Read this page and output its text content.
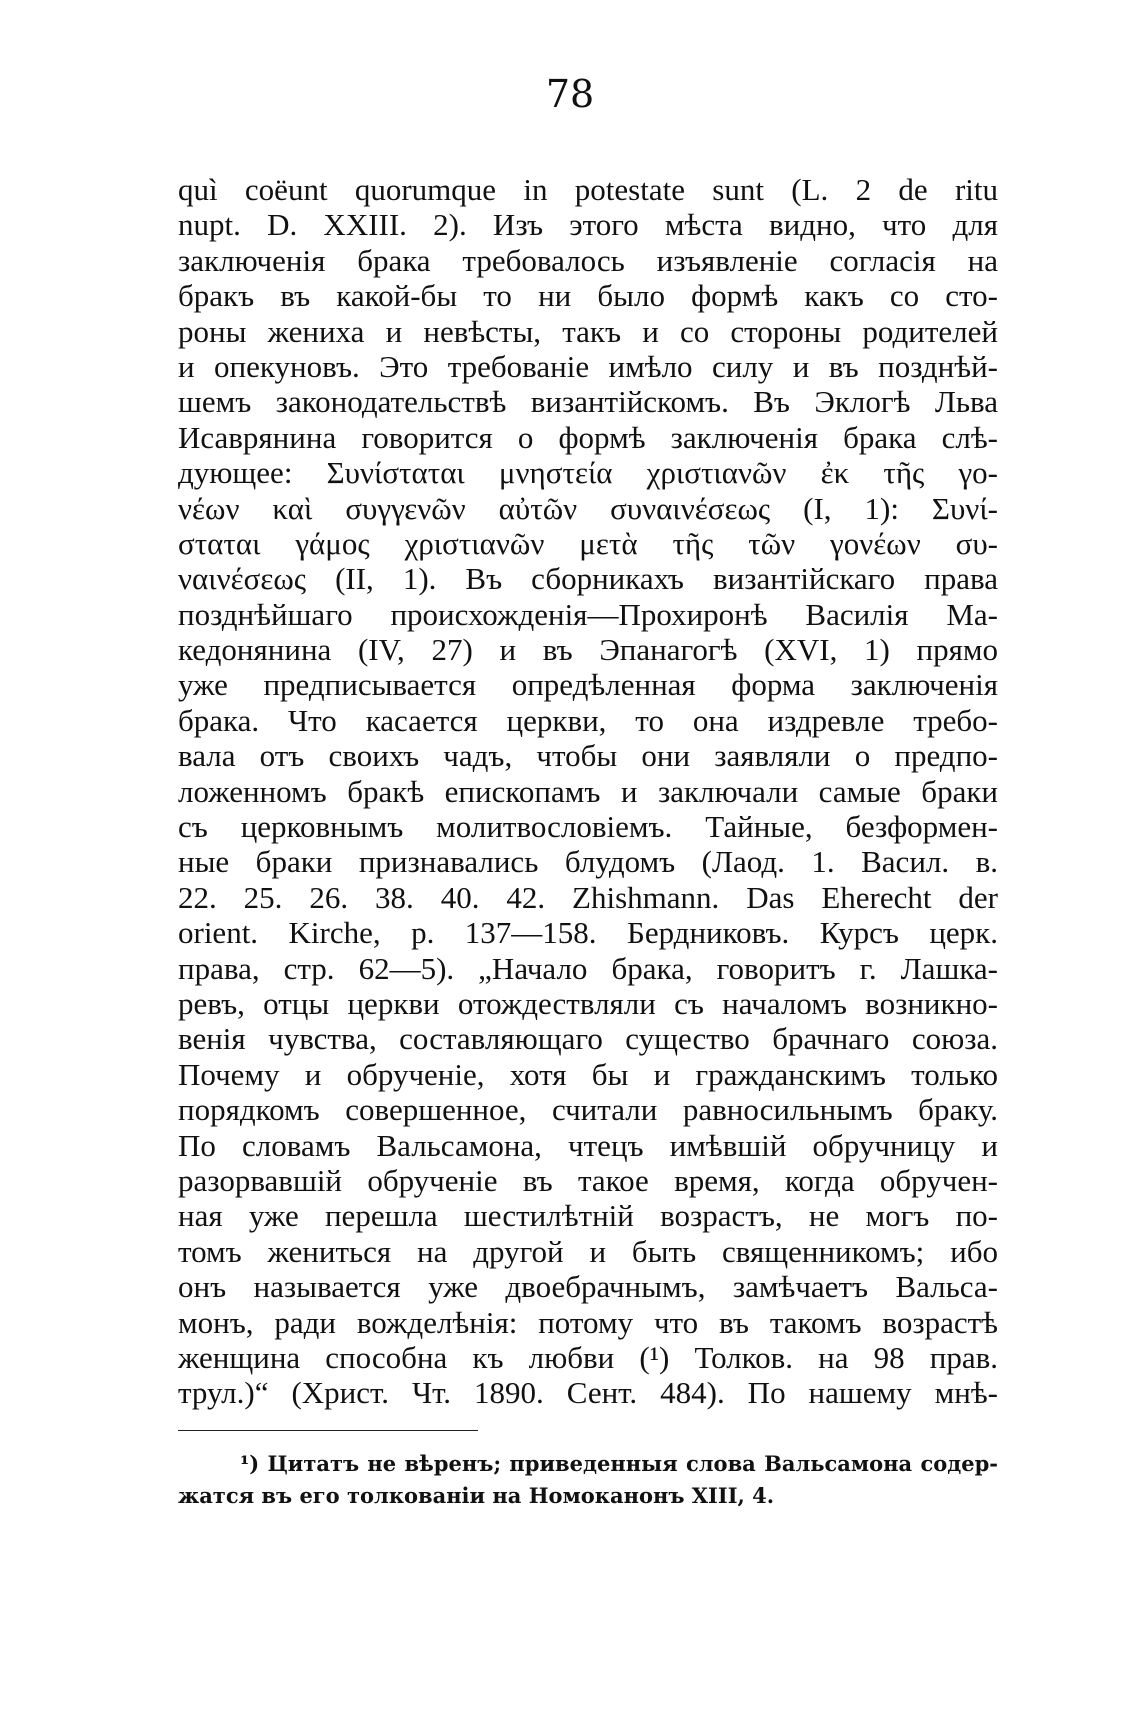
78
quì coëunt quorumque in potestate sunt (L. 2 de ritu
nupt. D. XXIII. 2). Изъ этого мѣста видно, что для
заключенія брака требовалось изъявленіе согласія на
бракъ въ какой-бы то ни было формѣ какъ со сто-
роны жениха и невѣсты, такъ и со стороны родителей
и опекуновъ. Это требованіе имѣло силу и въ позднѣй-
шемъ законодательствѣ византійскомъ. Въ Эклогѣ Льва
Исаврянина говорится о формѣ заключенія брака слѣ-
дующее: Συνίσταται μνηστεία χριστιανῶν ἐκ τῆς γο-
νέων καὶ συγγενῶν αὐτῶν συναινέσεως (I, 1): Συνί-
σταται γάμος χριστιανῶν μετὰ τῆς τῶν γονέων συ-
ναινέσεως (II, 1). Въ сборникахъ византійскаго права
позднѣйшаго происхожденія—Прохиронѣ Василія Ма-
кедонянина (IV, 27) и въ Эпанагогѣ (XVI, 1) прямо
уже предписывается опредѣленная форма заключенія
брака. Что касается церкви, то она издревле требо-
вала отъ своихъ чадъ, чтобы они заявляли о предпо-
ложенномъ бракѣ епископамъ и заключали самые браки
съ церковнымъ молитвословіемъ. Тайные, безформен-
ные браки признавались блудомъ (Лаод. 1. Васил. в.
22. 25. 26. 38. 40. 42. Zhishmann. Das Eherecht der
orient. Kirche, p. 137—158. Бердниковъ. Курсъ церк.
права, стр. 62—5). „Начало брака, говоритъ г. Лашка-
ревъ, отцы церкви отождествляли съ началомъ возникно-
венія чувства, составляющаго существо брачнаго союза.
Почему и обрученіе, хотя бы и гражданскимъ только
порядкомъ совершенное, считали равносильнымъ браку.
По словамъ Вальсамона, чтецъ имѣвшій обручницу и
разорвавшій обрученіе въ такое время, когда обручен-
ная уже перешла шестилѣтній возрастъ, не могъ по-
томъ жениться на другой и быть священникомъ; ибо
онъ называется уже двоебрачнымъ, замѣчаетъ Вальса-
монъ, ради вожделѣнія: потому что въ такомъ возрастѣ
женщина способна къ любви (¹) Толков. на 98 прав.
трул.)“ (Христ. Чт. 1890. Сент. 484). По нашему мнѣ-
¹) Цитатъ не вѣренъ; приведенныя слова Вальсамона содер-
жатся въ его толкованіи на Номоканонъ XIII, 4.
